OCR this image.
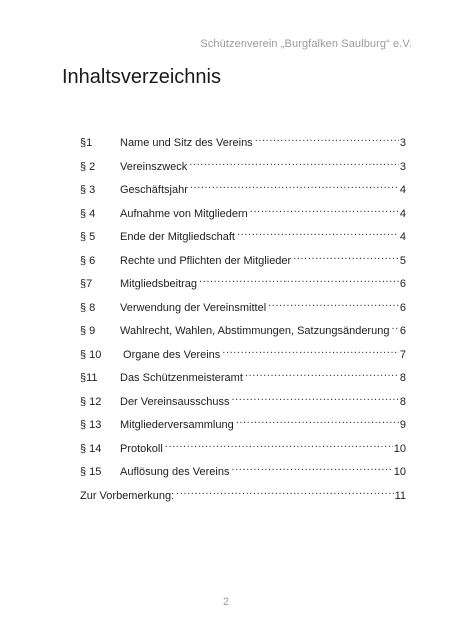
Schützenverein „Burgfalken Saulburg“ e.V.
Inhaltsverzeichnis
§1	Name und Sitz des Vereins .....	3
§ 2	Vereinszweck .....	3
§ 3	Geschäftsjahr .....	4
§ 4	Aufnahme von Mitgliedern .....	4
§ 5	Ende der Mitgliedschaft .....	4
§ 6	Rechte und Pflichten der Mitglieder .....	5
§7	Mitgliedsbeitrag .....	6
§ 8	Verwendung der Vereinsmittel .....	6
§ 9	Wahlrecht, Wahlen, Abstimmungen, Satzungsänderung ..... 6
§ 10	Organe des Vereins .....	7
§11	Das Schützenmeisteramt .....	8
§ 12	Der Vereinsausschuss .....	8
§ 13	Mitgliederversammlung .....	9
§ 14	Protokoll .....	10
§ 15	Auflösung des Vereins .....	10
Zur Vorbemerkung: .....	11
2
